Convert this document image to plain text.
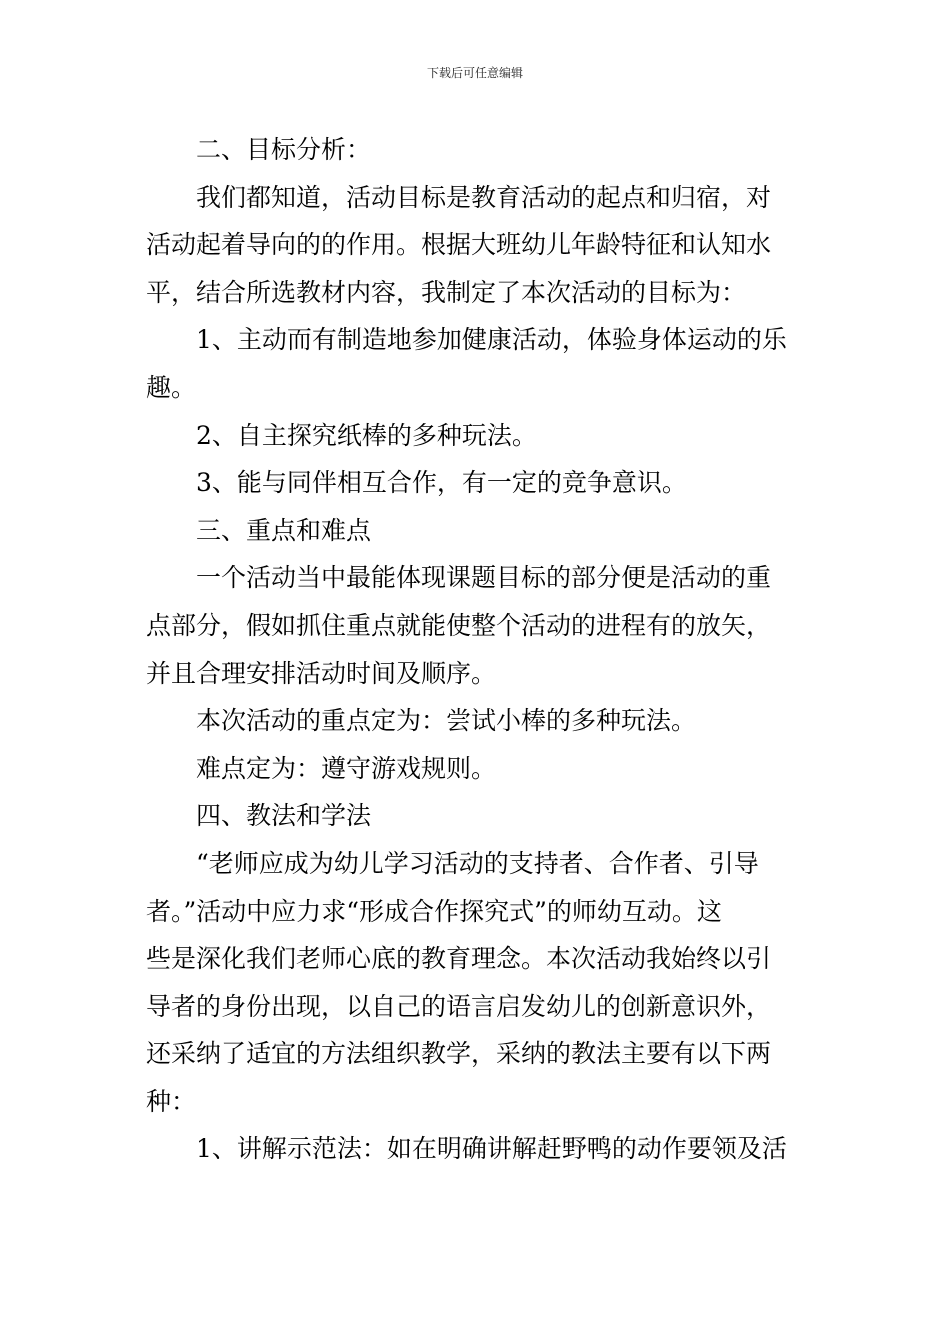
下载后可任意编辑
二、目标分析：
我们都知道，活动目标是教育活动的起点和归宿，对
活动起着导向的的作用。根据大班幼儿年龄特征和认知水
平，结合所选教材内容，我制定了本次活动的目标为：
1、主动而有制造地参加健康活动，体验身体运动的乐
趣。
2、自主探究纸棒的多种玩法。
3、能与同伴相互合作，有一定的竞争意识。
三、重点和难点
一个活动当中最能体现课题目标的部分便是活动的重
点部分，假如抓住重点就能使整个活动的进程有的放矢，
并且合理安排活动时间及顺序。
本次活动的重点定为：尝试小棒的多种玩法。
难点定为：遵守游戏规则。
四、教法和学法
“老师应成为幼儿学习活动的支持者、合作者、引导
者。”活动中应力求“形成合作探究式”的师幼互动。这
些是深化我们老师心底的教育理念。本次活动我始终以引
导者的身份出现，以自己的语言启发幼儿的创新意识外，
还采纳了适宜的方法组织教学，采纳的教法主要有以下两
种：
1、讲解示范法：如在明确讲解赶野鸭的动作要领及活
